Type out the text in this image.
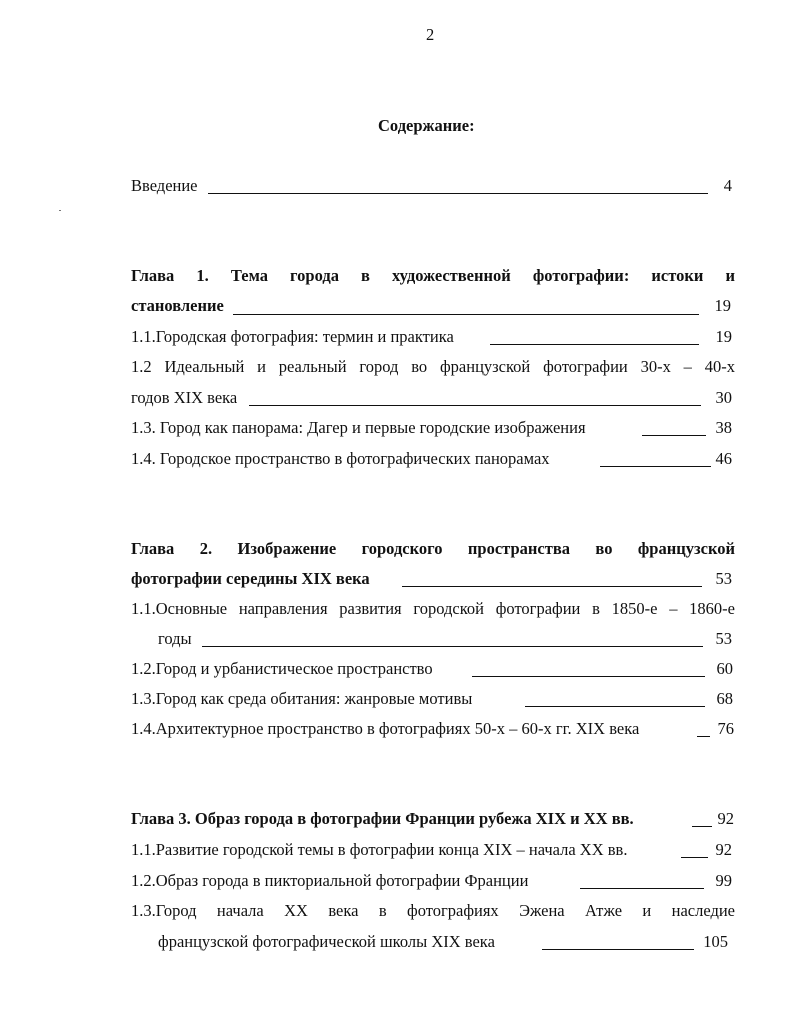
2
Содержание:
Введение	4
Глава 1. Тема города в художественной фотографии: истоки и
становление	19
1.1.Городская фотография: термин и практика	19
1.2 Идеальный и реальный город во французской фотографии 30-х – 40-х
годов XIX века	30
1.3. Город как панорама: Дагер и первые городские изображения	38
1.4. Городское пространство в фотографических панорамах	46
Глава 2. Изображение городского пространства во французской
фотографии середины XIX века	53
1.1.Основные направления развития городской фотографии в 1850-е – 1860-е
годы	53
1.2.Город и урбанистическое пространство	60
1.3.Город как среда обитания: жанровые мотивы	68
1.4.Архитектурное пространство в фотографиях 50-х – 60-х гг. XIX века	76
Глава 3. Образ города в фотографии Франции рубежа XIX и XX вв.	92
1.1.Развитие городской темы в фотографии конца XIX – начала XX вв.	92
1.2.Образ города в пикториальной фотографии Франции	99
1.3.Город начала XX века в фотографиях Эжена Атже и наследие
французской фотографической школы XIX века	105
